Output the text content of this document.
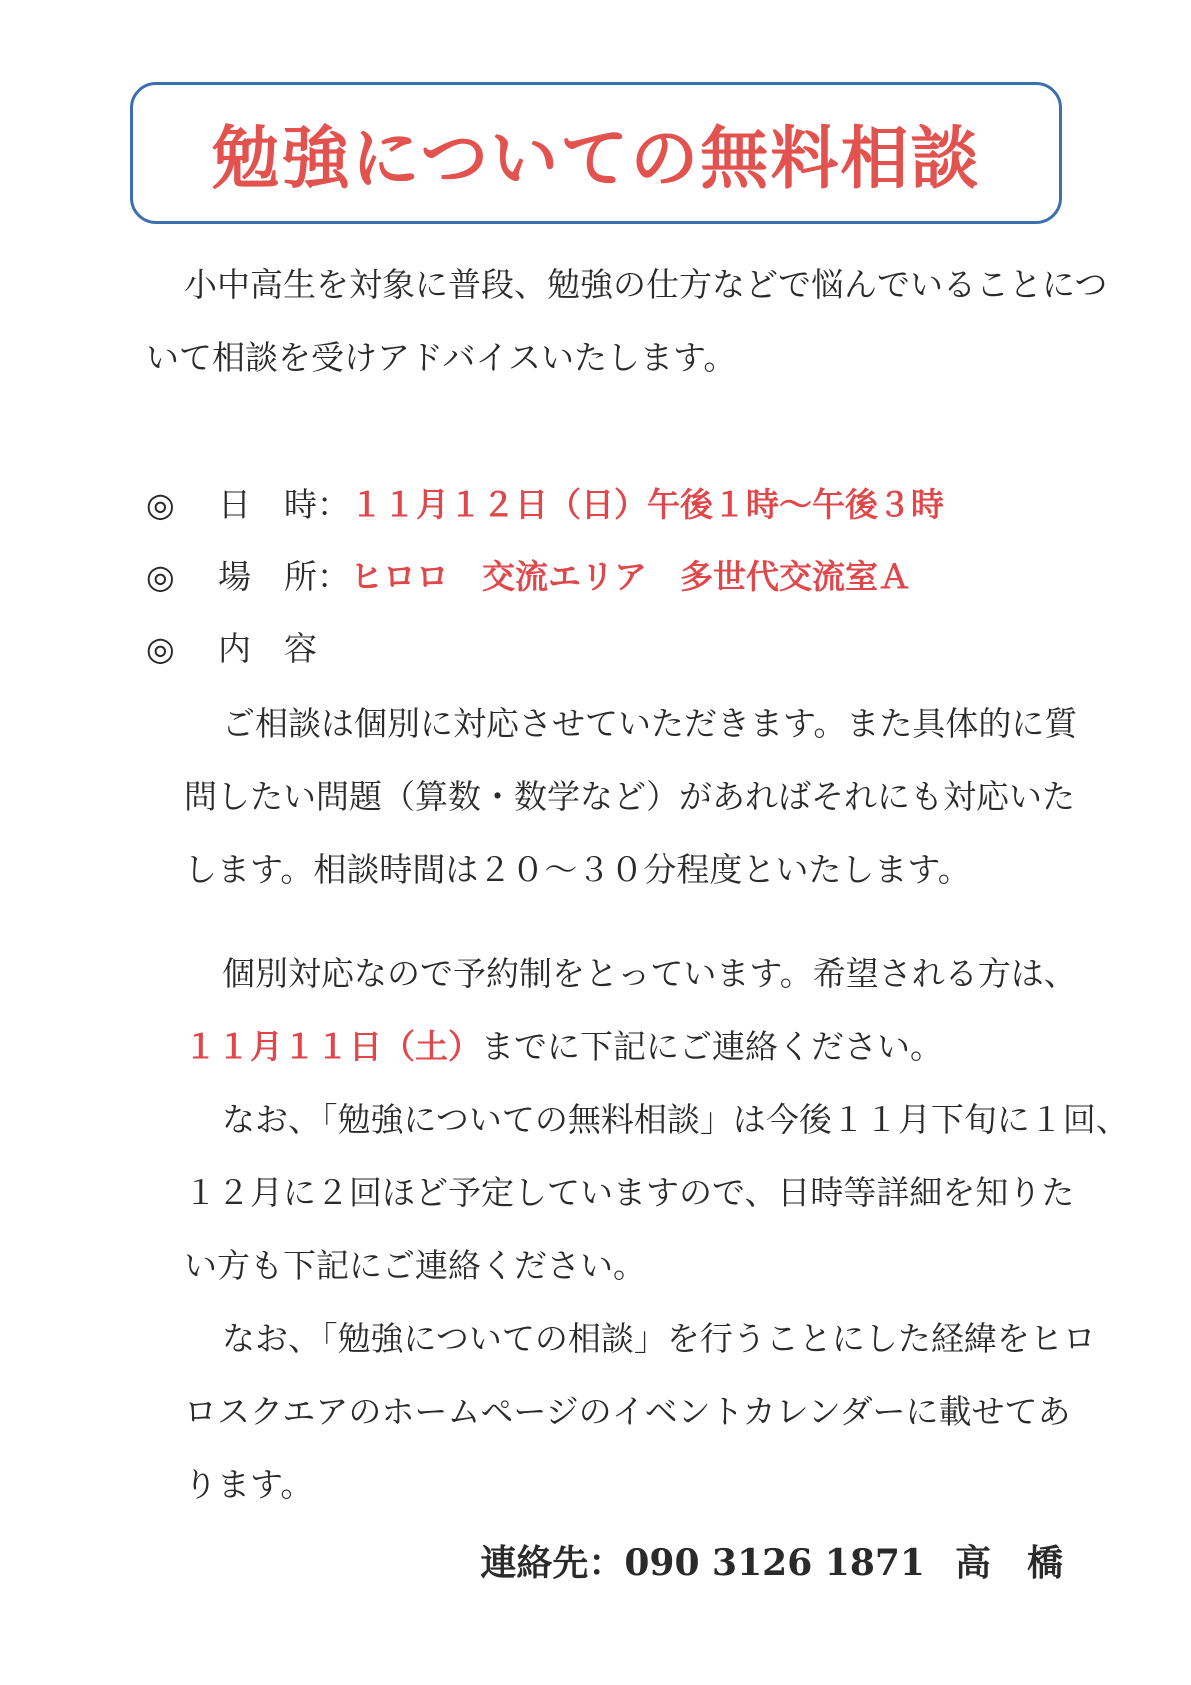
勉強についての無料相談
小中高生を対象に普段、勉強の仕方などで悩んでいることにつ
いて相談を受けアドバイスいたします。
◎ 日　時：１１月１２日（日）午後１時～午後３時
◎ 場　所：ヒロロ　交流エリア　多世代交流室Ａ
◎ 内　容
ご相談は個別に対応させていただきます。また具体的に質
問したい問題（算数・数学など）があればそれにも対応いた
します。相談時間は２０～３０分程度といたします。
個別対応なので予約制をとっています。希望される方は、
１１月１１日（土）までに下記にご連絡ください。
なお、「勉強についての無料相談」は今後１１月下旬に１回、
１２月に２回ほど予定していますので、日時等詳細を知りた
い方も下記にご連絡ください。
なお、「勉強についての相談」を行うことにした経緯をヒロ
ロスクエアのホームページのイベントカレンダーに載せてあ
ります。
連絡先：090 3126 1871 高　橋
